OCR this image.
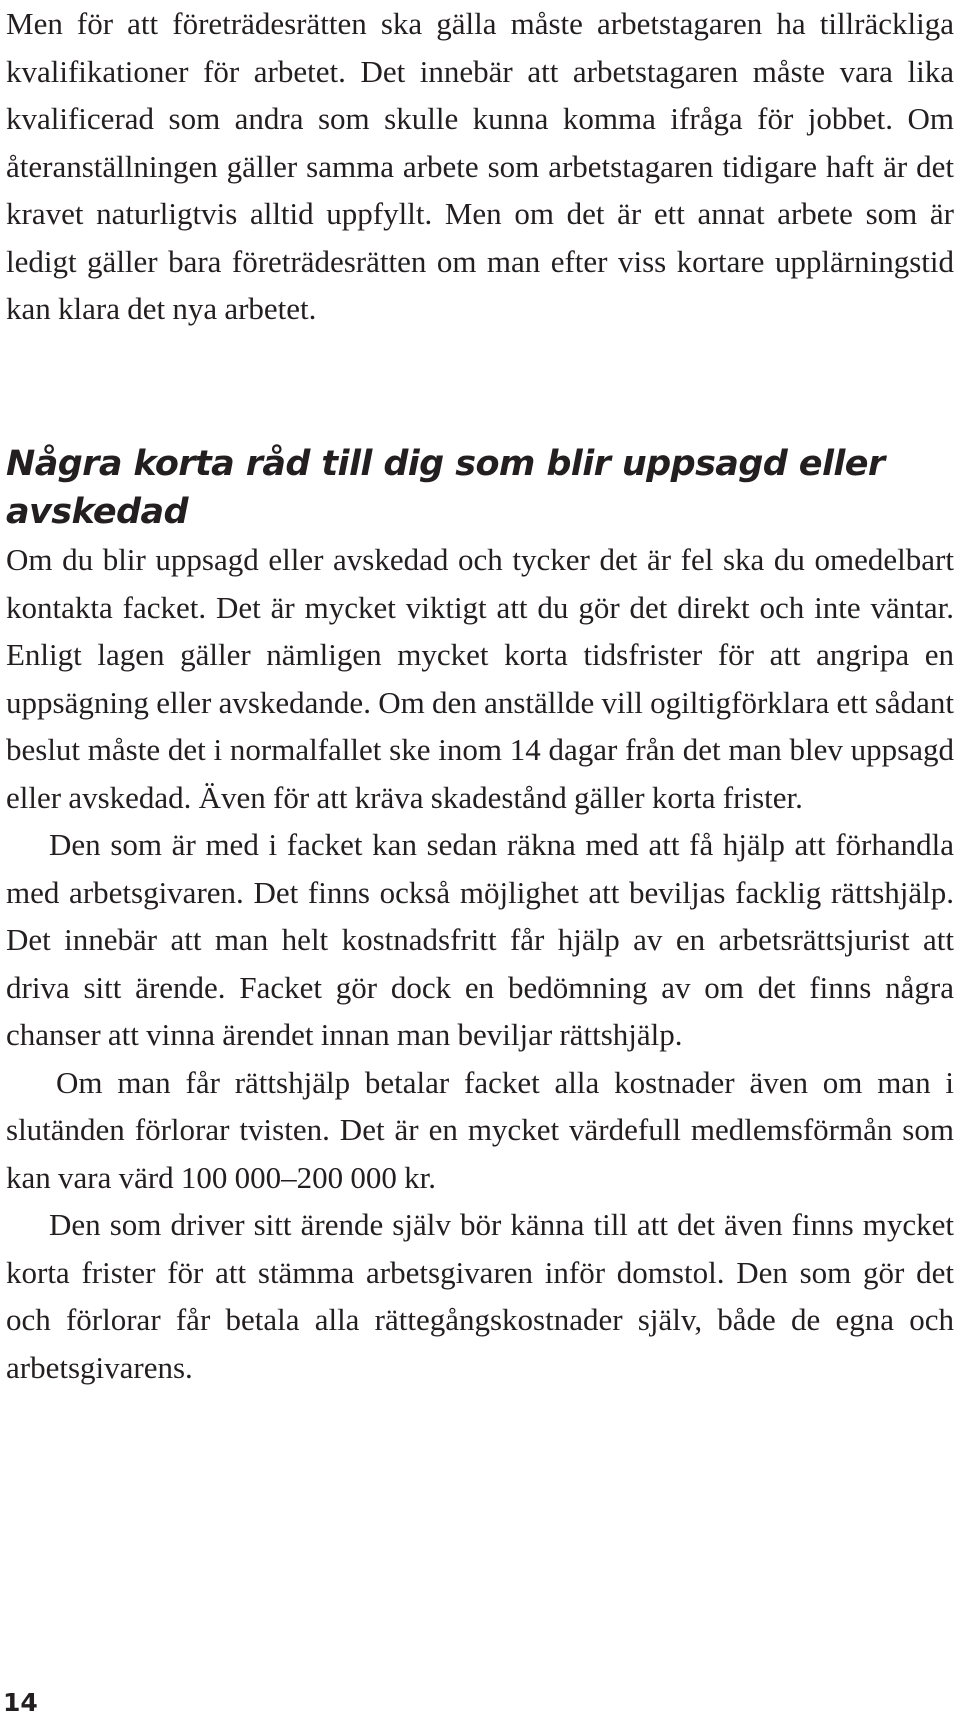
Men för att företrädesrätten ska gälla måste arbetstagaren ha tillräckliga kvalifikationer för arbetet. Det innebär att arbetstagaren måste vara lika kvalificerad som andra som skulle kunna komma ifråga för jobbet. Om återanställningen gäller samma arbete som arbetstagaren tidigare haft är det kravet naturligtvis alltid uppfyllt. Men om det är ett annat arbete som är ledigt gäller bara företrädesrätten om man efter viss kortare upplärningstid kan klara det nya arbetet.

Några korta råd till dig som blir uppsagd eller avskedad

Om du blir uppsagd eller avskedad och tycker det är fel ska du omedelbart kontakta facket. Det är mycket viktigt att du gör det direkt och inte väntar. Enligt lagen gäller nämligen mycket korta tidsfrister för att angripa en uppsägning eller avskedande. Om den anställde vill ogiltigförklara ett sådant beslut måste det i normalfallet ske inom 14 dagar från det man blev uppsagd eller avskedad. Även för att kräva skadestånd gäller korta frister.

Den som är med i facket kan sedan räkna med att få hjälp att förhandla med arbetsgivaren. Det finns också möjlighet att beviljas facklig rättshjälp. Det innebär att man helt kostnadsfritt får hjälp av en arbetsrättsjurist att driva sitt ärende. Facket gör dock en bedömning av om det finns några chanser att vinna ärendet innan man beviljar rättshjälp.

Om man får rättshjälp betalar facket alla kostnader även om man i slutänden förlorar tvisten. Det är en mycket värdefull medlemsförmån som kan vara värd 100 000–200 000 kr.

Den som driver sitt ärende själv bör känna till att det även finns mycket korta frister för att stämma arbetsgivaren inför domstol. Den som gör det och förlorar får betala alla rättegångskostnader själv, både de egna och arbetsgivarens.

14
